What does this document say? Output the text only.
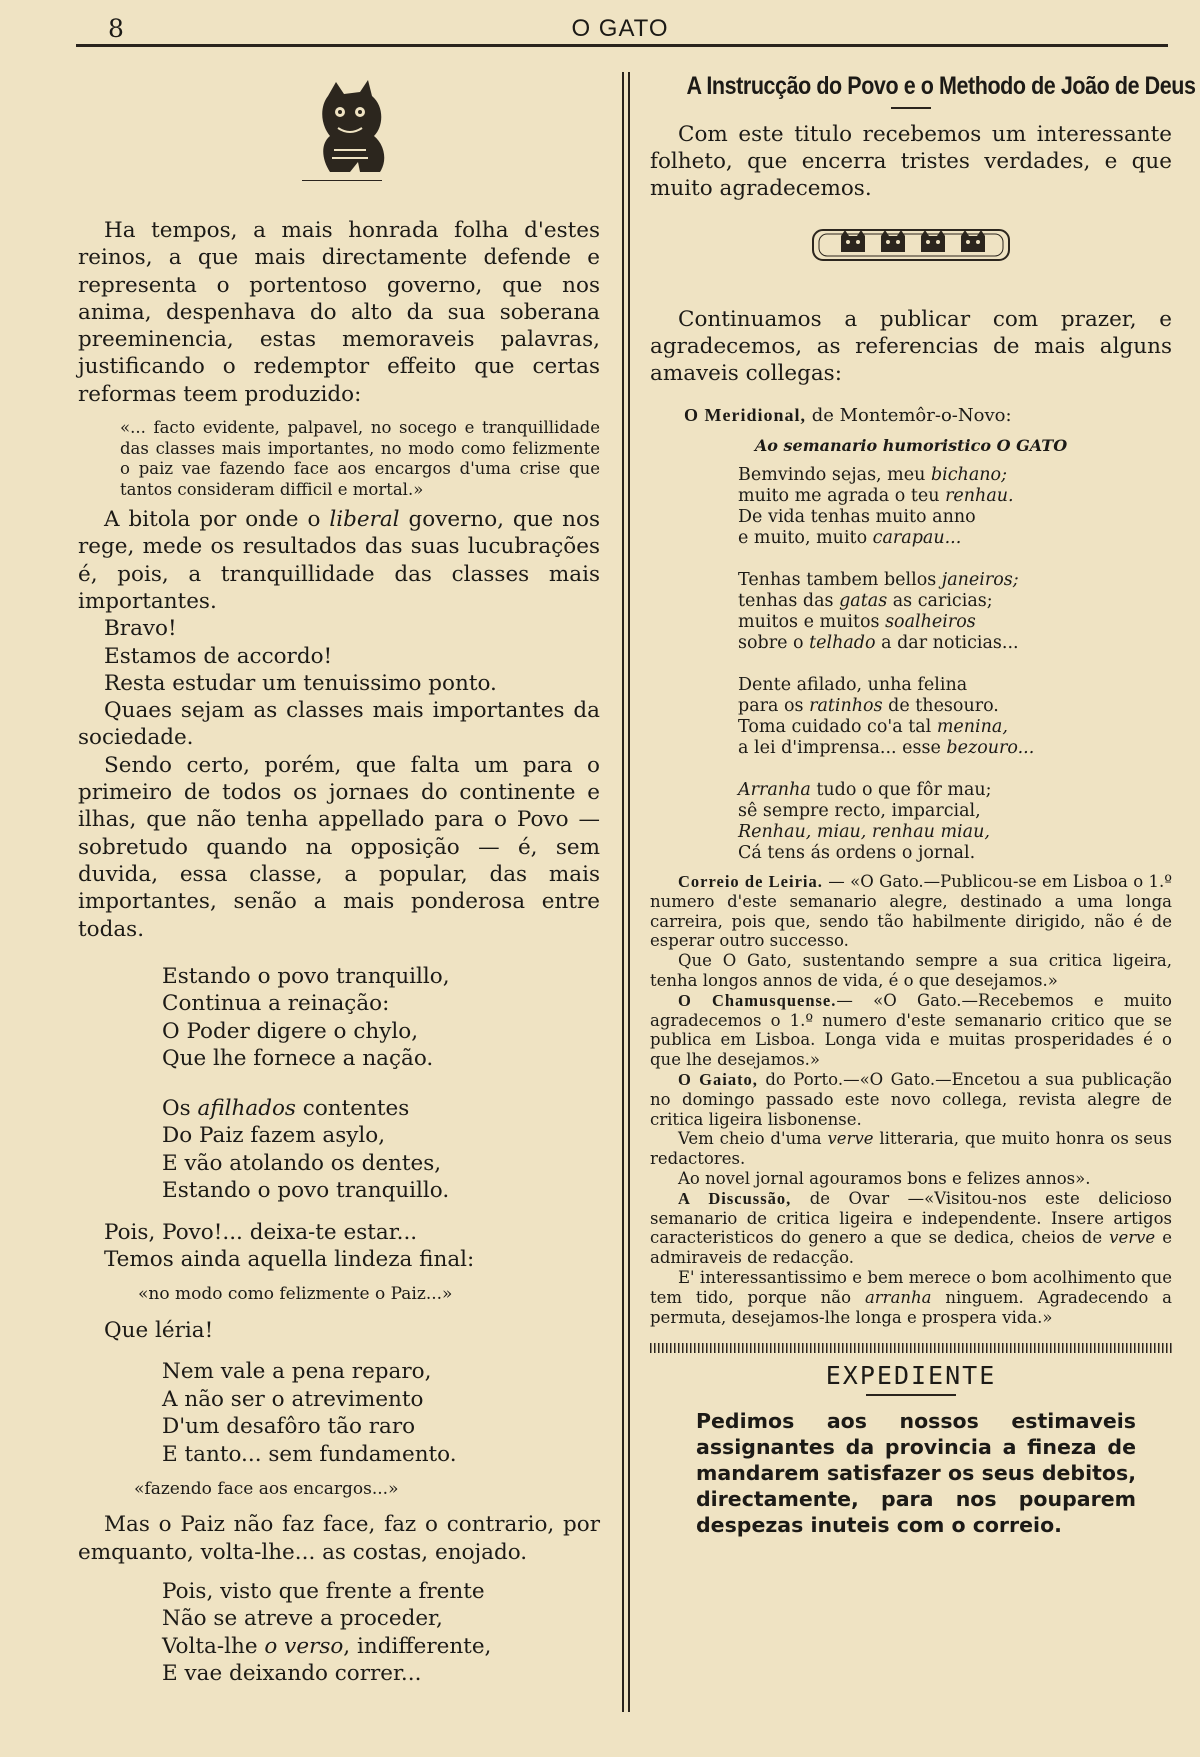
8	O GATO

Ha tempos, a mais honrada folha d'estes reinos, a que mais directamente defende e representa o portentoso governo, que nos anima, despenhava do alto da sua soberana preeminencia, estas memoraveis palavras, justificando o redemptor effeito que certas reformas teem produzido:

«... facto evidente, palpavel, no socego e tranquillidade das classes mais importantes, no modo como felizmente o paiz vae fazendo face aos encargos d'uma crise que tantos consideram difficil e mortal.»

A bitola por onde o liberal governo, que nos rege, mede os resultados das suas lucubrações é, pois, a tranquillidade das classes mais importantes.

Bravo!

Estamos de accordo!

Resta estudar um tenuissimo ponto.

Quaes sejam as classes mais importantes da sociedade.

Sendo certo, porém, que falta um para o primeiro de todos os jornaes do continente e ilhas, que não tenha appellado para o Povo — sobretudo quando na opposição — é, sem duvida, essa classe, a popular, das mais importantes, senão a mais ponderosa entre todas.

Estando o povo tranquillo,
Continua a reinação:
O Poder digere o chylo,
Que lhe fornece a nação.
Os afilhados contentes
Do Paiz fazem asylo,
E vão atolando os dentes,
Estando o povo tranquillo.

Pois, Povo!... deixa-te estar...

Temos ainda aquella lindeza final:

«no modo como felizmente o Paiz...»

Que léria!

Nem vale a pena reparo,
A não ser o atrevimento
D'um desafôro tão raro
E tanto... sem fundamento.
«fazendo face aos encargos...»

Mas o Paiz não faz face, faz o contrario, por emquanto, volta-lhe... as costas, enojado.

Pois, visto que frente a frente
Não se atreve a proceder,
Volta-lhe o verso, indifferente,
E vae deixando correr...
A Instrucção do Povo e o Methodo de João de Deus

Com este titulo recebemos um interessante folheto, que encerra tristes verdades, e que muito agradecemos.

Continuamos a publicar com prazer, e agradecemos, as referencias de mais alguns amaveis collegas:

O Meridional, de Montemôr-o-Novo:
Ao semanario humoristico O GATO
Bemvindo sejas, meu bichano;
muito me agrada o teu renhau.
De vida tenhas muito anno
e muito, muito carapau...
Tenhas tambem bellos janeiros;
tenhas das gatas as caricias;
muitos e muitos soalheiros
sobre o telhado a dar noticias...
Dente afilado, unha felina
para os ratinhos de thesouro.
Toma cuidado co'a tal menina,
a lei d'imprensa... esse bezouro...
Arranha tudo o que fôr mau;
sê sempre recto, imparcial,
Renhau, miau, renhau miau,
Cá tens ás ordens o jornal.

Correio de Leiria. — «O Gato.—Publicou-se em Lisboa o 1.º numero d'este semanario alegre, destinado a uma longa carreira, pois que, sendo tão habilmente dirigido, não é de esperar outro successo.

Que O Gato, sustentando sempre a sua critica ligeira, tenha longos annos de vida, é o que desejamos.»

O Chamusquense.— «O Gato.—Recebemos e muito agradecemos o 1.º numero d'este semanario critico que se publica em Lisboa. Longa vida e muitas prosperidades é o que lhe desejamos.»

O Gaiato, do Porto.—«O Gato.—Encetou a sua publicação no domingo passado este novo collega, revista alegre de critica ligeira lisbonense.

Vem cheio d'uma verve litteraria, que muito honra os seus redactores.

Ao novel jornal agouramos bons e felizes annos».

A Discussão, de Ovar —«Visitou-nos este delicioso semanario de critica ligeira e independente. Insere artigos caracteristicos do genero a que se dedica, cheios de verve e admiraveis de redacção.

E' interessantissimo e bem merece o bom acolhimento que tem tido, porque não arranha ninguem. Agradecendo a permuta, desejamos-lhe longa e prospera vida.»

EXPEDIENTE
Pedimos aos nossos estimaveis assignantes da provincia a fineza de mandarem satisfazer os seus debitos, directamente, para nos pouparem despezas inuteis com o correio.
